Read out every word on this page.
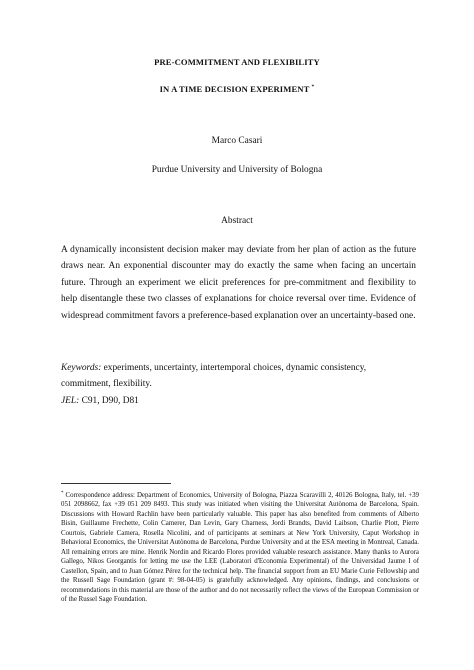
PRE-COMMITMENT AND FLEXIBILITY
IN A TIME DECISION EXPERIMENT *
Marco Casari
Purdue University and University of Bologna
Abstract
A dynamically inconsistent decision maker may deviate from her plan of action as the future draws near. An exponential discounter may do exactly the same when facing an uncertain future. Through an experiment we elicit preferences for pre-commitment and flexibility to help disentangle these two classes of explanations for choice reversal over time. Evidence of widespread commitment favors a preference-based explanation over an uncertainty-based one.
Keywords: experiments, uncertainty, intertemporal choices, dynamic consistency, commitment, flexibility.
JEL: C91, D90, D81
* Correspondence address: Department of Economics, University of Bologna, Piazza Scaravilli 2, 40126 Bologna, Italy, tel. +39 051 2098662, fax +39 051 209 8493. This study was initiated when visiting the Universitat Autònoma de Barcelona, Spain. Discussions with Howard Rachlin have been particularly valuable. This paper has also benefited from comments of Alberto Bisin, Guillaume Frechette, Colin Camerer, Dan Levin, Gary Charness, Jordi Brandts, David Laibson, Charlie Plott, Pierre Courtois, Gabriele Camera, Rosella Nicolini, and of participants at seminars at New York University, Caput Workshop in Behavioral Economics, the Universitat Autònoma de Barcelona, Purdue University and at the ESA meeting in Montreal, Canada. All remaining errors are mine. Henrik Nordin and Ricardo Flores provided valuable research assistance. Many thanks to Aurora Gallego, Nikos Georgantis for letting me use the LEE (Laboratori d'Economia Experimental) of the Universidad Jaume I of Castellon, Spain, and to Juan Gómez Pérez for the technical help. The financial support from an EU Marie Curie Fellowship and the Russell Sage Foundation (grant #: 98-04-05) is gratefully acknowledged. Any opinions, findings, and conclusions or recommendations in this material are those of the author and do not necessarily reflect the views of the European Commission or of the Russel Sage Foundation.
